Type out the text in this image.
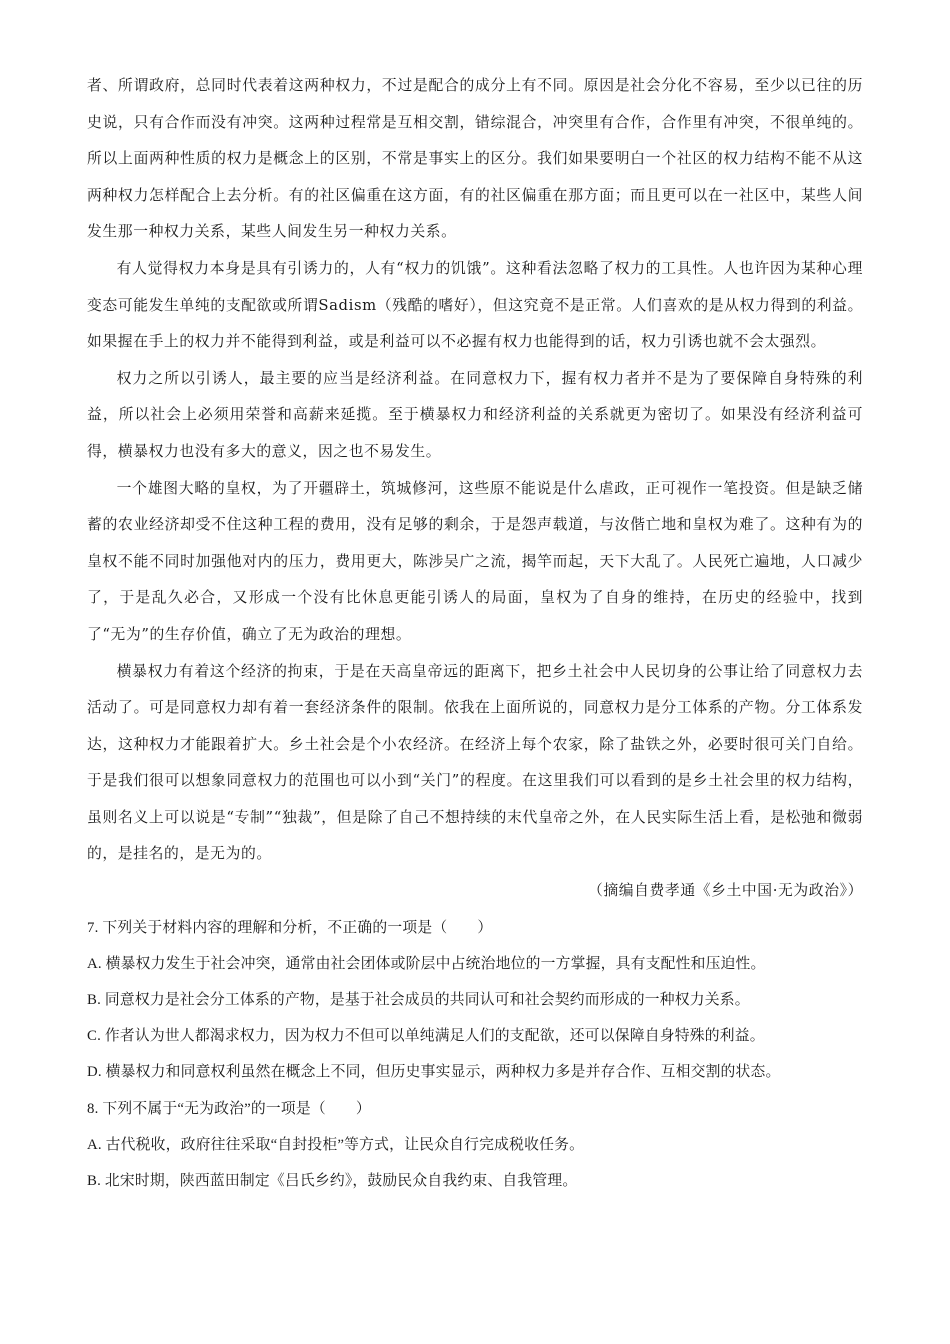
者、所谓政府，总同时代表着这两种权力，不过是配合的成分上有不同。原因是社会分化不容易，至少以已往的历史说，只有合作而没有冲突。这两种过程常是互相交割，错综混合，冲突里有合作，合作里有冲突，不很单纯的。所以上面两种性质的权力是概念上的区别，不常是事实上的区分。我们如果要明白一个社区的权力结构不能不从这两种权力怎样配合上去分析。有的社区偏重在这方面，有的社区偏重在那方面；而且更可以在一社区中，某些人间发生那一种权力关系，某些人间发生另一种权力关系。

有人觉得权力本身是具有引诱力的，人有“权力的饥饿”。这种看法忽略了权力的工具性。人也许因为某种心理变态可能发生单纯的支配欲或所谓Sadism（残酷的嗜好），但这究竟不是正常。人们喜欢的是从权力得到的利益。如果握在手上的权力并不能得到利益，或是利益可以不必握有权力也能得到的话，权力引诱也就不会太强烈。

权力之所以引诱人，最主要的应当是经济利益。在同意权力下，握有权力者并不是为了要保障自身特殊的利益，所以社会上必须用荣誉和高薪来延揽。至于横暴权力和经济利益的关系就更为密切了。如果没有经济利益可得，横暴权力也没有多大的意义，因之也不易发生。

一个雄图大略的皇权，为了开疆辟土，筑城修河，这些原不能说是什么虐政，正可视作一笔投资。但是缺乏储蓄的农业经济却受不住这种工程的费用，没有足够的剩余，于是怨声载道，与汝偕亡地和皇权为难了。这种有为的皇权不能不同时加强他对内的压力，费用更大，陈涉吴广之流，揭竿而起，天下大乱了。人民死亡遍地，人口减少了，于是乱久必合，又形成一个没有比休息更能引诱人的局面，皇权为了自身的维持，在历史的经验中，找到了“无为”的生存价值，确立了无为政治的理想。

横暴权力有着这个经济的拘束，于是在天高皇帝远的距离下，把乡土社会中人民切身的公事让给了同意权力去活动了。可是同意权力却有着一套经济条件的限制。依我在上面所说的，同意权力是分工体系的产物。分工体系发达，这种权力才能跟着扩大。乡土社会是个小农经济。在经济上每个农家，除了盐铁之外，必要时很可关门自给。于是我们很可以想象同意权力的范围也可以小到“关门”的程度。在这里我们可以看到的是乡土社会里的权力结构，虽则名义上可以说是“专制”“独裁”，但是除了自己不想持续的末代皇帝之外，在人民实际生活上看，是松弛和微弱的，是挂名的，是无为的。

（摘编自费孝通《乡土中国·无为政治》）

7. 下列关于材料内容的理解和分析，不正确的一项是（　　）

A. 横暴权力发生于社会冲突，通常由社会团体或阶层中占统治地位的一方掌握，具有支配性和压迫性。

B. 同意权力是社会分工体系的产物，是基于社会成员的共同认可和社会契约而形成的一种权力关系。

C. 作者认为世人都渴求权力，因为权力不但可以单纯满足人们的支配欲，还可以保障自身特殊的利益。

D. 横暴权力和同意权利虽然在概念上不同，但历史事实显示，两种权力多是并存合作、互相交割的状态。

8. 下列不属于“无为政治”的一项是（　　）

A. 古代税收，政府往往采取“自封投柜”等方式，让民众自行完成税收任务。

B. 北宋时期，陕西蓝田制定《吕氏乡约》，鼓励民众自我约束、自我管理。
